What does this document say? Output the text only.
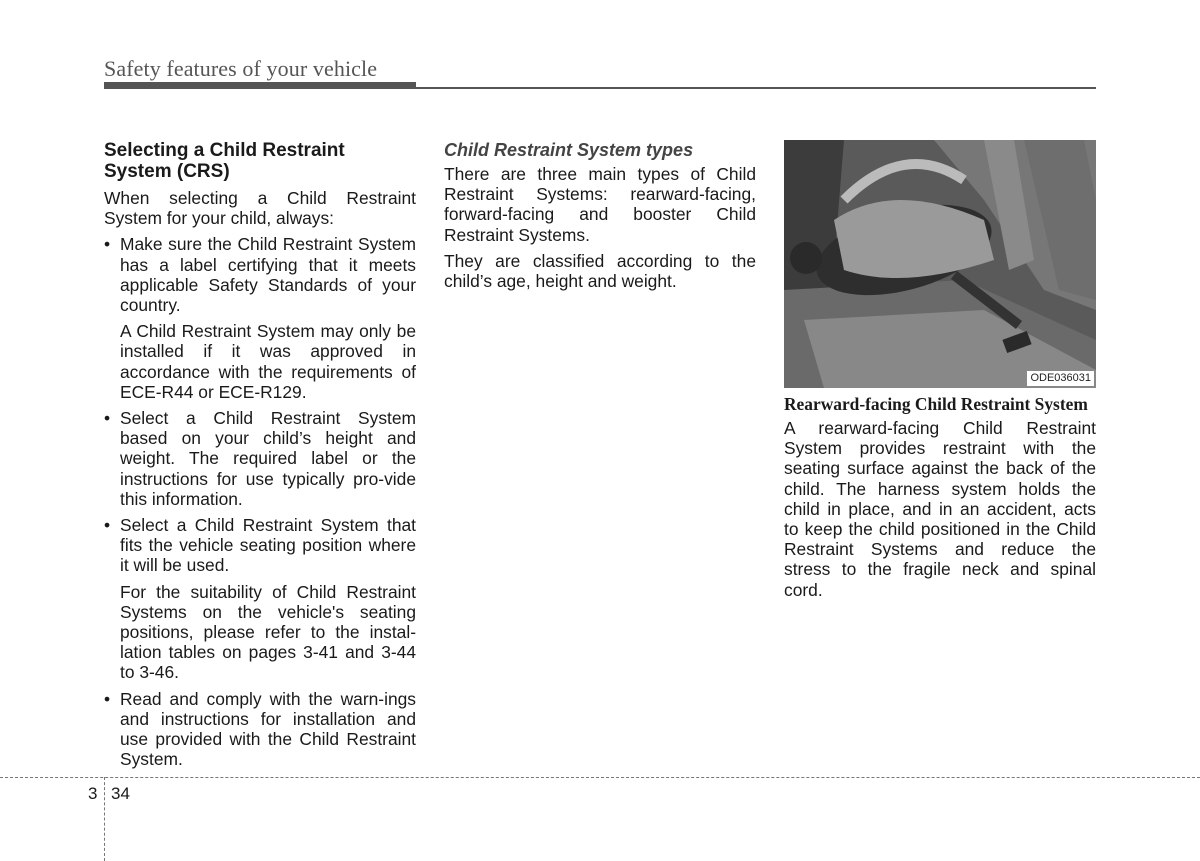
Safety features of your vehicle
Selecting a Child Restraint System (CRS)

When selecting a Child Restraint System for your child, always:

• Make sure the Child Restraint System has a label certifying that it meets applicable Safety Standards of your country.

A Child Restraint System may only be installed if it was approved in accordance with the requirements of ECE-R44 or ECE-R129.

• Select a Child Restraint System based on your child’s height and weight. The required label or the instructions for use typically pro-vide this information.

• Select a Child Restraint System that fits the vehicle seating position where it will be used.

For the suitability of Child Restraint Systems on the vehicle's seating positions, please refer to the instal-lation tables on pages 3-41 and 3-44 to 3-46.

• Read and comply with the warn-ings and instructions for installation and use provided with the Child Restraint System.

Child Restraint System types

There are three main types of Child Restraint Systems: rearward-facing, forward-facing and booster Child Restraint Systems.

They are classified according to the child’s age, height and weight.

ODE036031
Rearward-facing Child Restraint System

A rearward-facing Child Restraint System provides restraint with the seating surface against the back of the child. The harness system holds the child in place, and in an accident, acts to keep the child positioned in the Child Restraint Systems and reduce the stress to the fragile neck and spinal cord.

3 34
